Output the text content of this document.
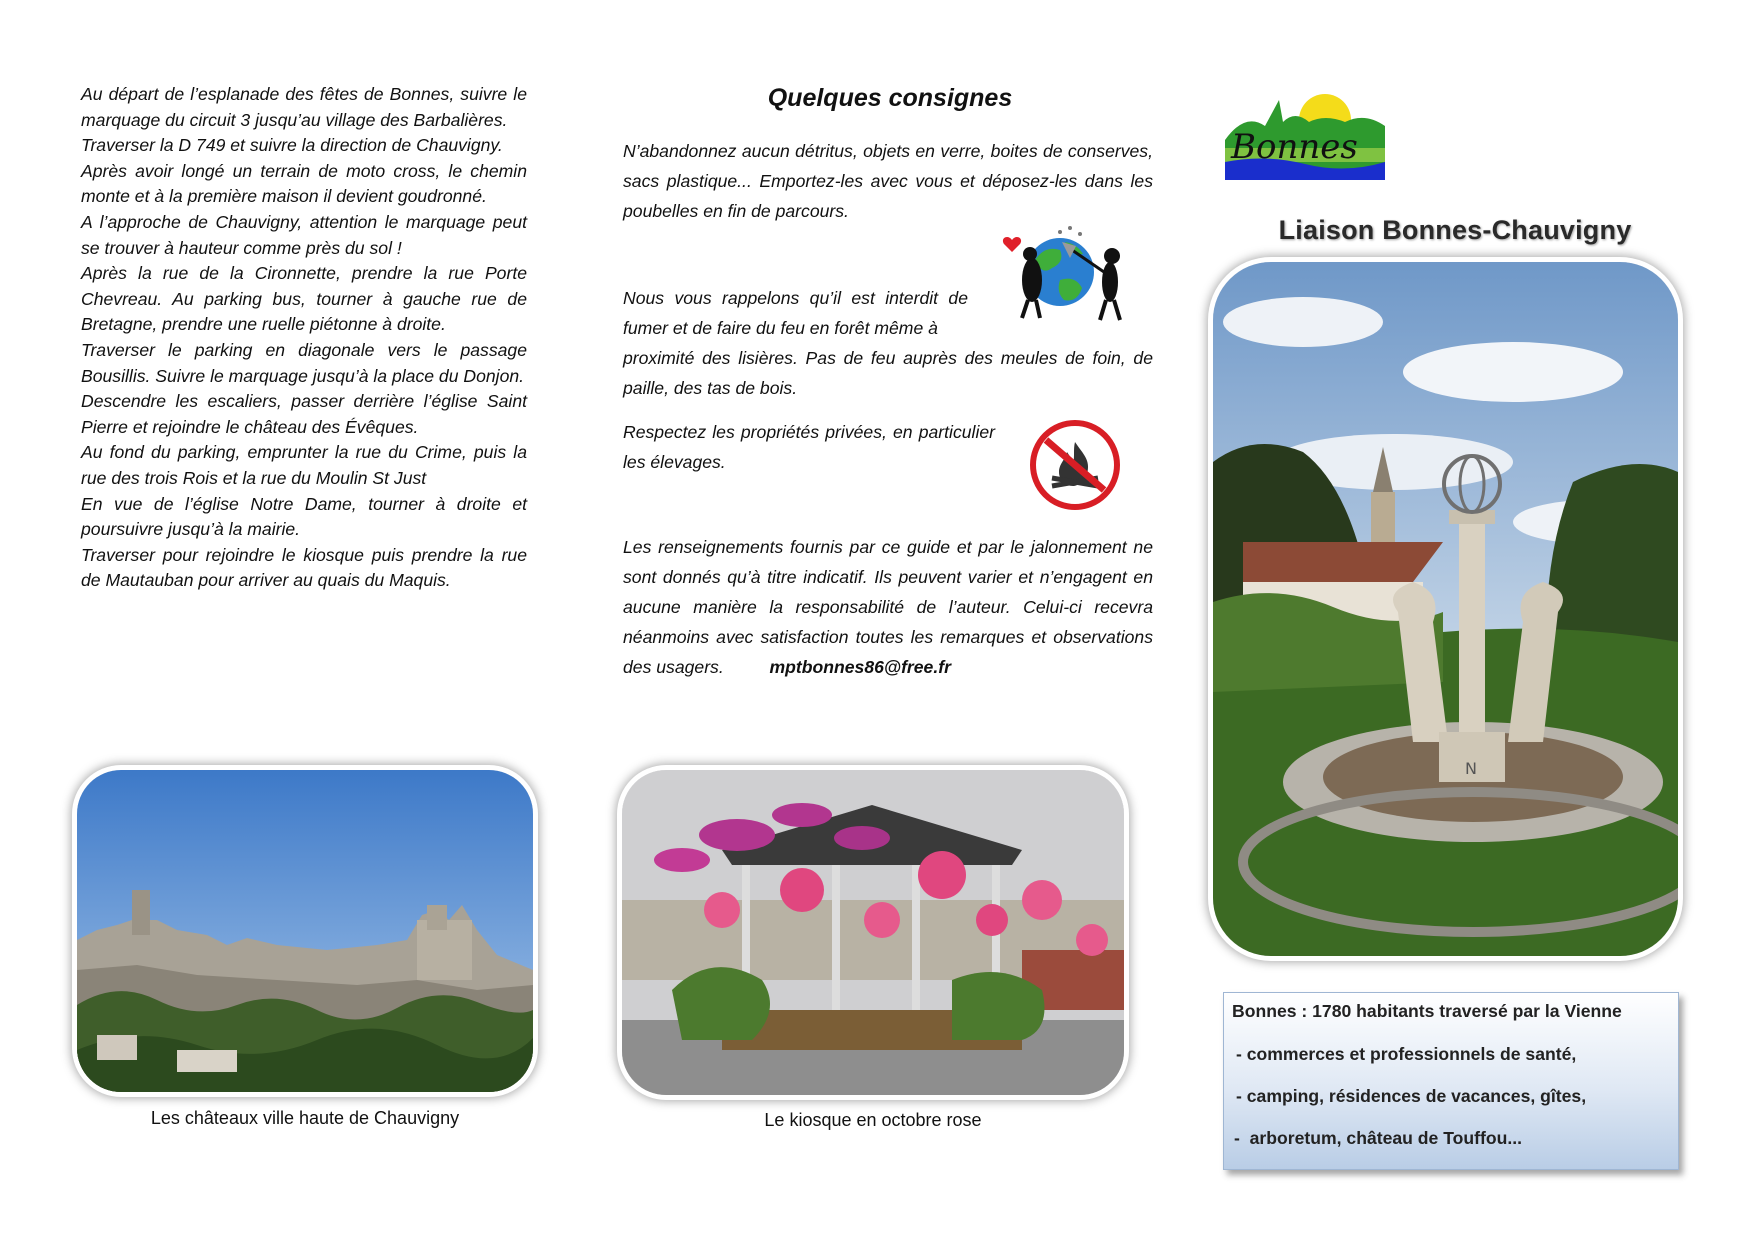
Au départ de l’esplanade des fêtes de Bonnes, suivre le marquage du circuit 3 jusqu’au village des Barbalières.

Traverser la D 749 et suivre la direction de Chauvigny.

Après avoir longé un terrain de moto cross, le chemin monte et à la première maison il devient goudronné.

A l’approche de Chauvigny, attention le marquage peut se trouver à hauteur comme près du sol !

Après la rue de la Cironnette, prendre la rue Porte Chevreau. Au parking bus, tourner à gauche rue de Bretagne, prendre une ruelle piétonne à droite.

Traverser le parking en diagonale vers le passage Bousillis. Suivre le marquage jusqu’à la place du Donjon.

Descendre les escaliers, passer derrière l’église Saint Pierre et rejoindre le château des Évêques.

Au fond du parking, emprunter la rue du Crime, puis la rue des trois Rois et la rue du Moulin St Just

En vue de l’église Notre Dame, tourner à droite et poursuivre jusqu’à la mairie.

Traverser pour rejoindre le kiosque puis prendre la rue de Mautauban pour arriver au quais du Maquis.

Les châteaux ville haute de Chauvigny
Quelques consignes

N’abandonnez aucun détritus, objets en verre, boites de conserves, sacs plastique... Emportez-les avec vous et déposez-les dans les poubelles en fin de parcours.

Nous vous rappelons qu’il est interdit de fumer et de faire du feu en forêt même à

proximité des lisières. Pas de feu auprès des meules de foin, de paille, des tas de bois.

Respectez les propriétés privées, en particulier les élevages.

Les renseignements fournis par ce guide et par le jalonnement ne sont donnés qu’à titre indicatif. Ils peuvent varier et n’engagent en aucune manière la responsabilité de l’auteur. Celui-ci recevra néanmoins avec satisfaction toutes les remarques et observations des usagers.	mptbonnes86@free.fr

Le kiosque en octobre rose
Bonnes
Liaison Bonnes-Chauvigny
N
Bonnes : 1780 habitants traversé par la Vienne
- commerces et professionnels de santé,
- camping, résidences de vacances, gîtes,
-  arboretum, château de Touffou...
